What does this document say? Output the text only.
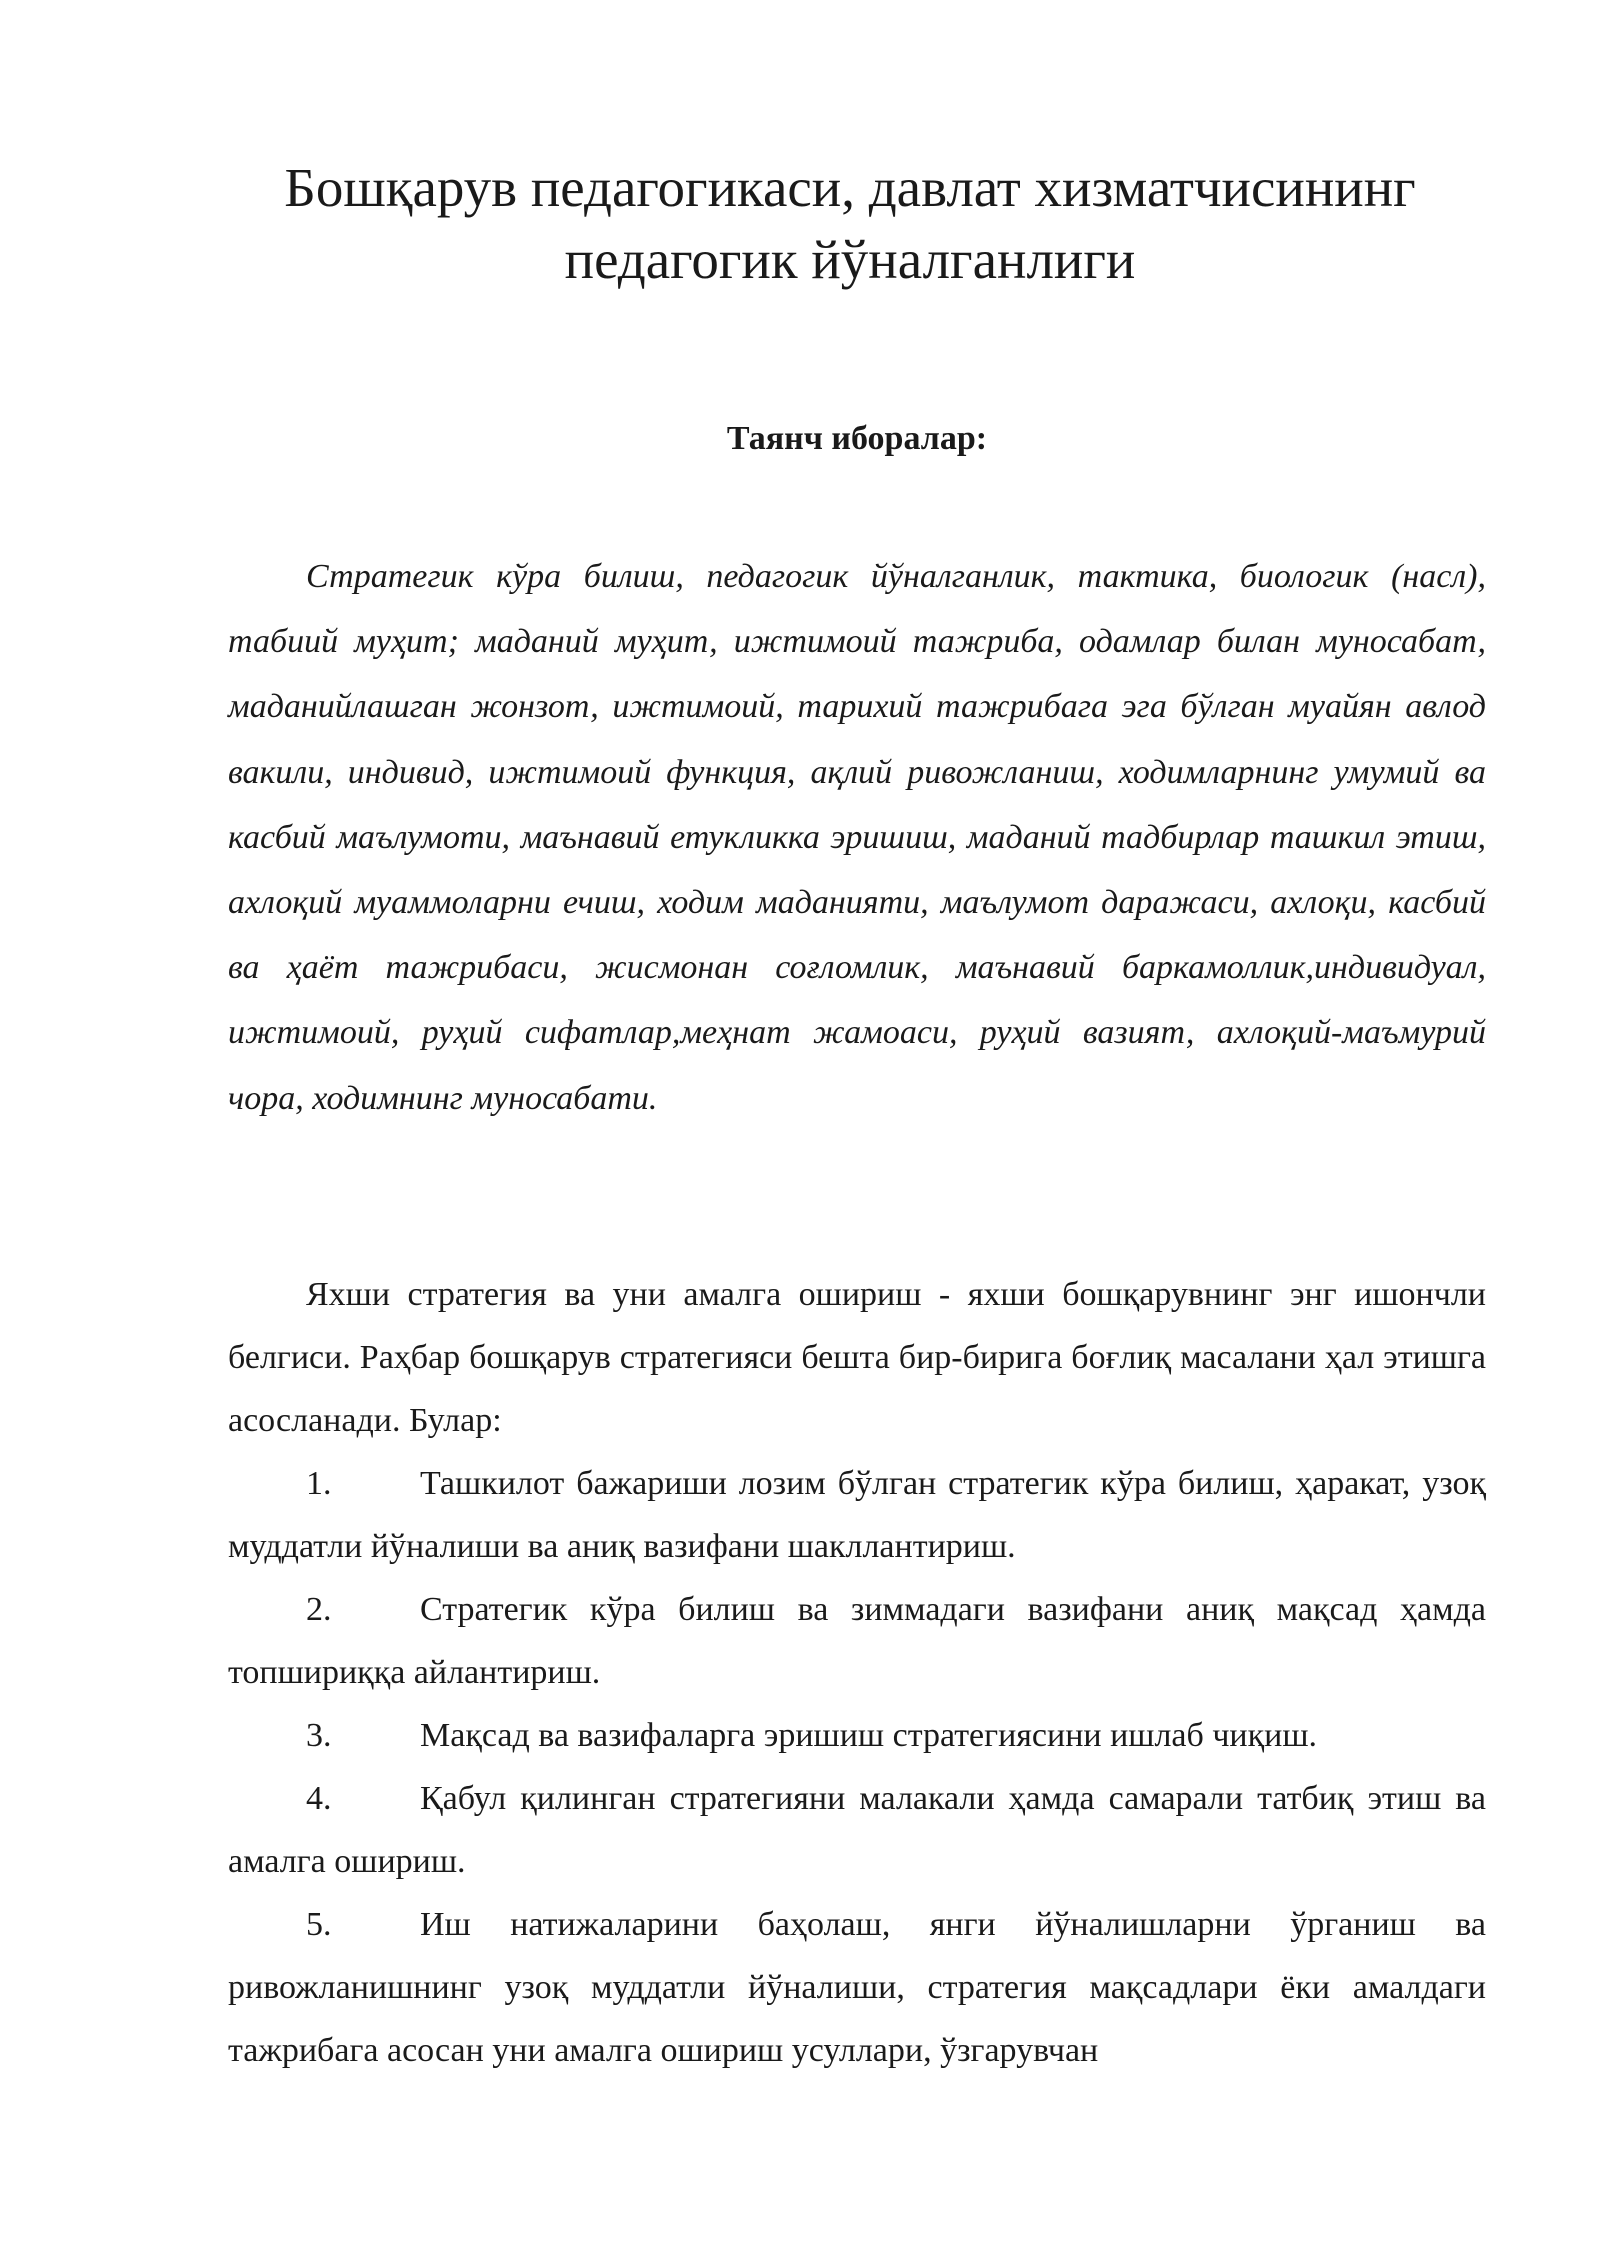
Бошқарув педагогикаси, давлат хизматчисининг
педагогик йўналганлиги
Таянч иборалар:

Стратегик кўра билиш, педагогик йўналганлик, тактика, биологик (насл), табиий муҳит; маданий муҳит, ижтимоий тажриба, одамлар билан муносабат, маданийлашган жонзот, ижтимоий, тарихий тажрибага эга бўлган муайян авлод вакили, индивид, ижтимоий функция, ақлий ривожланиш, ходимларнинг умумий ва касбий маълумоти, маънавий етукликка эришиш, маданий тадбирлар ташкил этиш, ахлоқий муаммоларни ечиш, ходим маданияти, маълумот даражаси, ахлоқи, касбий ва ҳаёт тажрибаси, жисмонан соғломлик, маънавий баркамоллик,индивидуал, ижтимоий, руҳий сифатлар,меҳнат жамоаси, руҳий вазият, ахлоқий-маъмурий чора, ходимнинг муносабати.

Яхши стратегия ва уни амалга ошириш - яхши бошқарувнинг энг ишончли белгиси. Раҳбар бошқарув стратегияси бешта бир-бирига боғлиқ масалани ҳал этишга асосланади. Булар:

1.	Ташкилот бажариши лозим бўлган стратегик кўра билиш, ҳаракат, узоқ муддатли йўналиши ва аниқ вазифани шакллантириш.
2.	Стратегик кўра билиш ва зиммадаги вазифани аниқ мақсад ҳамда топшириққа айлантириш.
3.	Мақсад ва вазифаларга эришиш стратегиясини ишлаб чиқиш.
4.	Қабул қилинган стратегияни малакали ҳамда самарали татбиқ этиш ва амалга ошириш.
5.	Иш натижаларини баҳолаш, янги йўналишларни ўрганиш ва ривожланишнинг узоқ муддатли йўналиши, стратегия мақсадлари ёки амалдаги тажрибага асосан уни амалга ошириш усуллари, ўзгарувчан
